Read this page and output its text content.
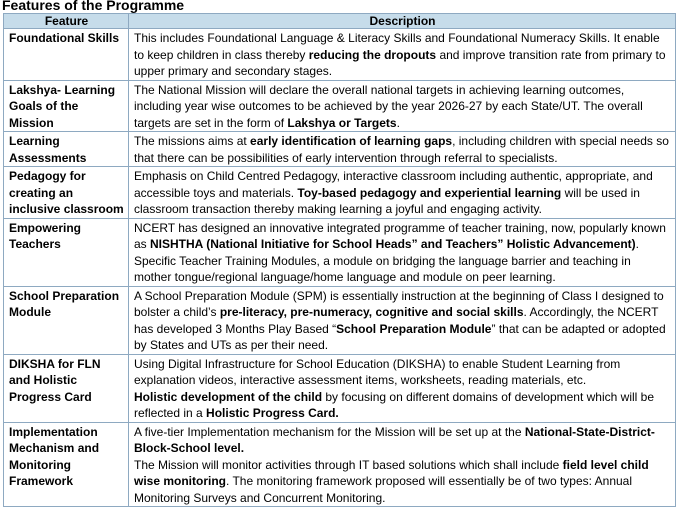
Features of the Programme
Feature	Description
Foundational Skills	This includes Foundational Language & Literacy Skills and Foundational Numeracy Skills. It enable to keep children in class thereby reducing the dropouts and improve transition rate from primary to upper primary and secondary stages.

Lakshya- Learning Goals of the Mission	The National Mission will declare the overall national targets in achieving learning outcomes, including year wise outcomes to be achieved by the year 2026-27 by each State/UT. The overall targets are set in the form of Lakshya or Targets.

Learning Assessments	The missions aims at early identification of learning gaps, including children with special needs so that there can be possibilities of early intervention through referral to specialists.

Pedagogy for creating an inclusive classroom	Emphasis on Child Centred Pedagogy, interactive classroom including authentic, appropriate, and accessible toys and materials. Toy-based pedagogy and experiential learning will be used in classroom transaction thereby making learning a joyful and engaging activity.

Empowering Teachers	NCERT has designed an innovative integrated programme of teacher training, now, popularly known as NISHTHA (National Initiative for School Heads” and Teachers” Holistic Advancement). Specific Teacher Training Modules, a module on bridging the language barrier and teaching in mother tongue/regional language/home language and module on peer learning.

School Preparation Module	A School Preparation Module (SPM) is essentially instruction at the beginning of Class I designed to bolster a child’s pre-literacy, pre-numeracy, cognitive and social skills. Accordingly, the NCERT has developed 3 Months Play Based “School Preparation Module” that can be adapted or adopted by States and UTs as per their need.

DIKSHA for FLN and Holistic Progress Card	Using Digital Infrastructure for School Education (DIKSHA) to enable Student Learning from explanation videos, interactive assessment items, worksheets, reading materials, etc.
Holistic development of the child by focusing on different domains of development which will be reflected in a Holistic Progress Card.

Implementation Mechanism and Monitoring Framework	A five-tier Implementation mechanism for the Mission will be set up at the National-State-District-Block-School level.
The Mission will monitor activities through IT based solutions which shall include field level child wise monitoring. The monitoring framework proposed will essentially be of two types: Annual Monitoring Surveys and Concurrent Monitoring.
